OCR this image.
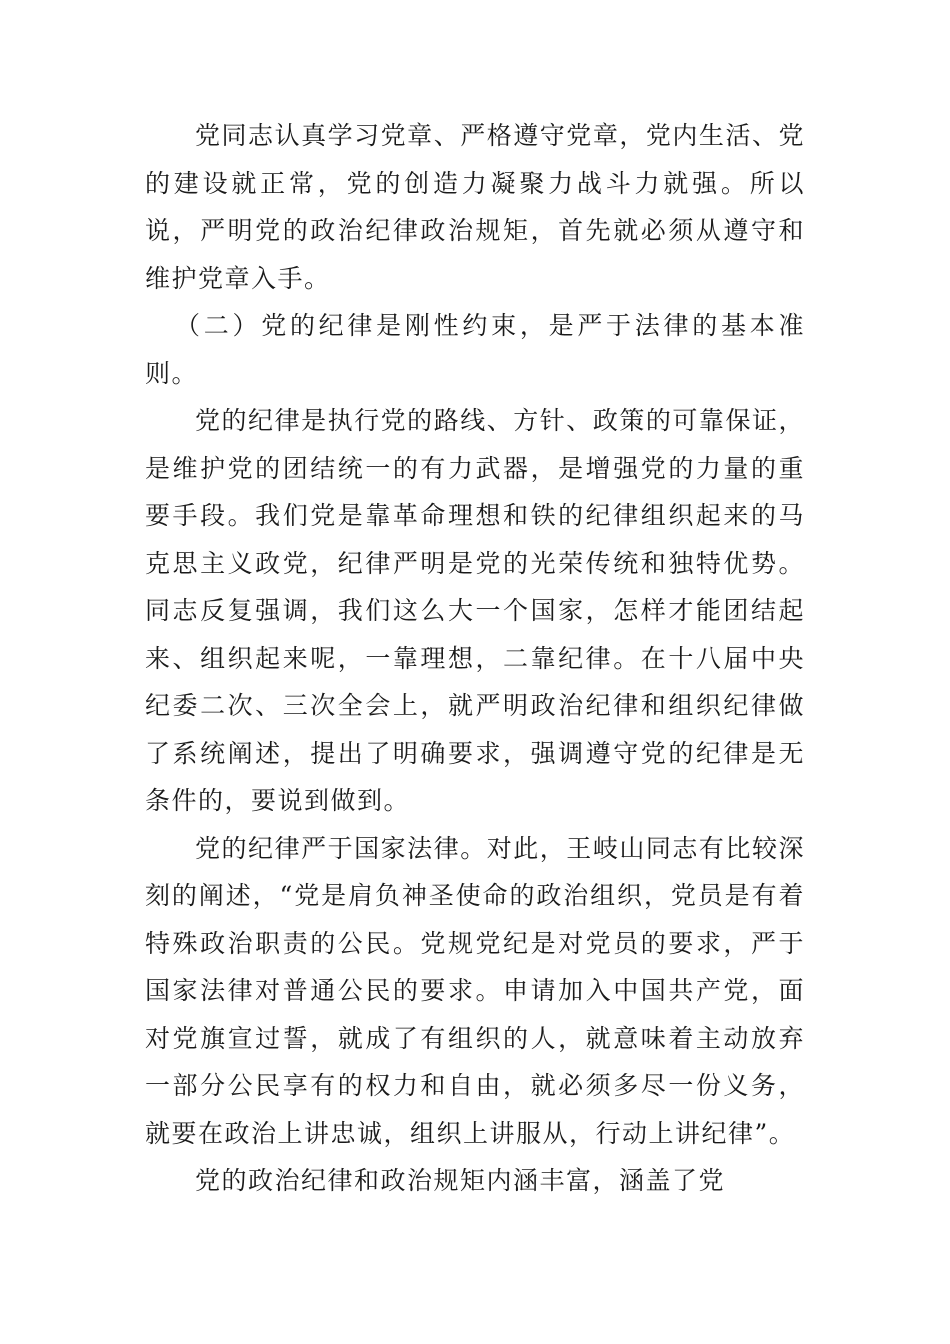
党同志认真学习党章、严格遵守党章，党内生活、党的建设就正常，党的创造力凝聚力战斗力就强。所以说，严明党的政治纪律政治规矩，首先就必须从遵守和维护党章入手。

（二）党的纪律是刚性约束，是严于法律的基本准则。

党的纪律是执行党的路线、方针、政策的可靠保证，是维护党的团结统一的有力武器，是增强党的力量的重要手段。我们党是靠革命理想和铁的纪律组织起来的马克思主义政党，纪律严明是党的光荣传统和独特优势。同志反复强调，我们这么大一个国家，怎样才能团结起来、组织起来呢，一靠理想，二靠纪律。在十八届中央纪委二次、三次全会上，就严明政治纪律和组织纪律做了系统阐述，提出了明确要求，强调遵守党的纪律是无条件的，要说到做到。

党的纪律严于国家法律。对此，王岐山同志有比较深刻的阐述，“党是肩负神圣使命的政治组织，党员是有着特殊政治职责的公民。党规党纪是对党员的要求，严于国家法律对普通公民的要求。申请加入中国共产党，面对党旗宣过誓，就成了有组织的人，就意味着主动放弃一部分公民享有的权力和自由，就必须多尽一份义务，就要在政治上讲忠诚，组织上讲服从，行动上讲纪律”。

党的政治纪律和政治规矩内涵丰富，涵盖了党
